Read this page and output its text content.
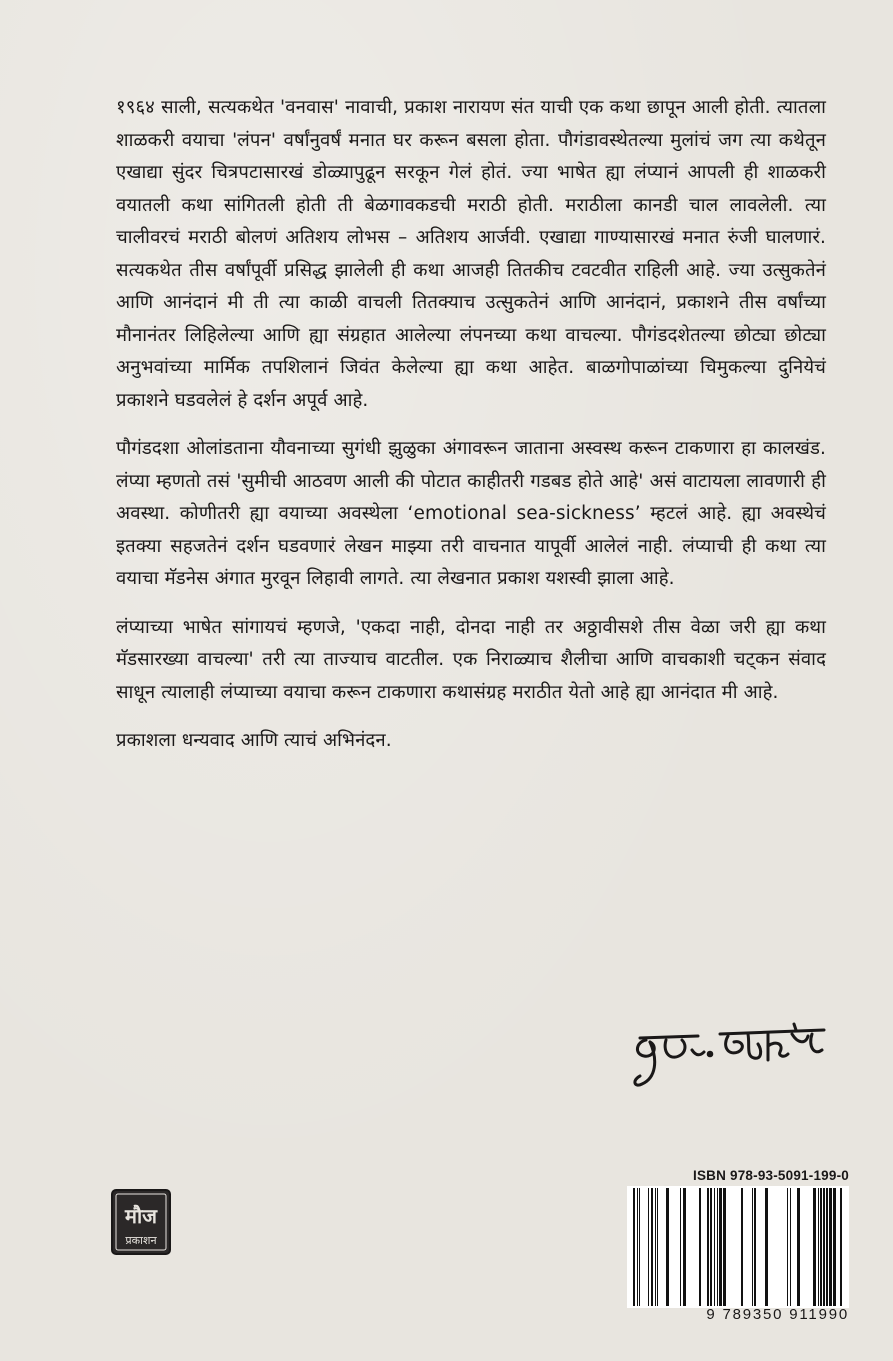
१९६४ साली, सत्यकथेत 'वनवास' नावाची, प्रकाश नारायण संत याची एक कथा छापून आली होती. त्यातला शाळकरी वयाचा 'लंपन' वर्षांनुवर्षं मनात घर करून बसला होता. पौगंडावस्थेतल्या मुलांचं जग त्या कथेतून एखाद्या सुंदर चित्रपटासारखं डोळ्यापुढून सरकून गेलं होतं. ज्या भाषेत ह्या लंप्यानं आपली ही शाळकरी वयातली कथा सांगितली होती ती बेळगावकडची मराठी होती. मराठीला कानडी चाल लावलेली. त्या चालीवरचं मराठी बोलणं अतिशय लोभस – अतिशय आर्जवी. एखाद्या गाण्यासारखं मनात रुंजी घालणारं. सत्यकथेत तीस वर्षांपूर्वी प्रसिद्ध झालेली ही कथा आजही तितकीच टवटवीत राहिली आहे. ज्या उत्सुकतेनं आणि आनंदानं मी ती त्या काळी वाचली तितक्याच उत्सुकतेनं आणि आनंदानं, प्रकाशने तीस वर्षांच्या मौनानंतर लिहिलेल्या आणि ह्या संग्रहात आलेल्या लंपनच्या कथा वाचल्या. पौगंडदशेतल्या छोट्या छोट्या अनुभवांच्या मार्मिक तपशिलानं जिवंत केलेल्या ह्या कथा आहेत. बाळगोपाळांच्या चिमुकल्या दुनियेचं प्रकाशने घडवलेलं हे दर्शन अपूर्व आहे.

पौगंडदशा ओलांडताना यौवनाच्या सुगंधी झुळुका अंगावरून जाताना अस्वस्थ करून टाकणारा हा कालखंड. लंप्या म्हणतो तसं 'सुमीची आठवण आली की पोटात काहीतरी गडबड होते आहे' असं वाटायला लावणारी ही अवस्था. कोणीतरी ह्या वयाच्या अवस्थेला ‘emotional sea-sickness’ म्हटलं आहे. ह्या अवस्थेचं इतक्या सहजतेनं दर्शन घडवणारं लेखन माझ्या तरी वाचनात यापूर्वी आलेलं नाही. लंप्याची ही कथा त्या वयाचा मॅडनेस अंगात मुरवून लिहावी लागते. त्या लेखनात प्रकाश यशस्वी झाला आहे.

लंप्याच्या भाषेत सांगायचं म्हणजे, 'एकदा नाही, दोनदा नाही तर अठ्ठावीसशे तीस वेळा जरी ह्या कथा मॅडसारख्या वाचल्या' तरी त्या ताज्याच वाटतील. एक निराळ्याच शैलीचा आणि वाचकाशी चट्कन संवाद साधून त्यालाही लंप्याच्या वयाचा करून टाकणारा कथासंग्रह मराठीत येतो आहे ह्या आनंदात मी आहे.

प्रकाशला धन्यवाद आणि त्याचं अभिनंदन.

ISBN 978-93-5091-199-0
9 789350 911990
मौज
प्रकाशन
